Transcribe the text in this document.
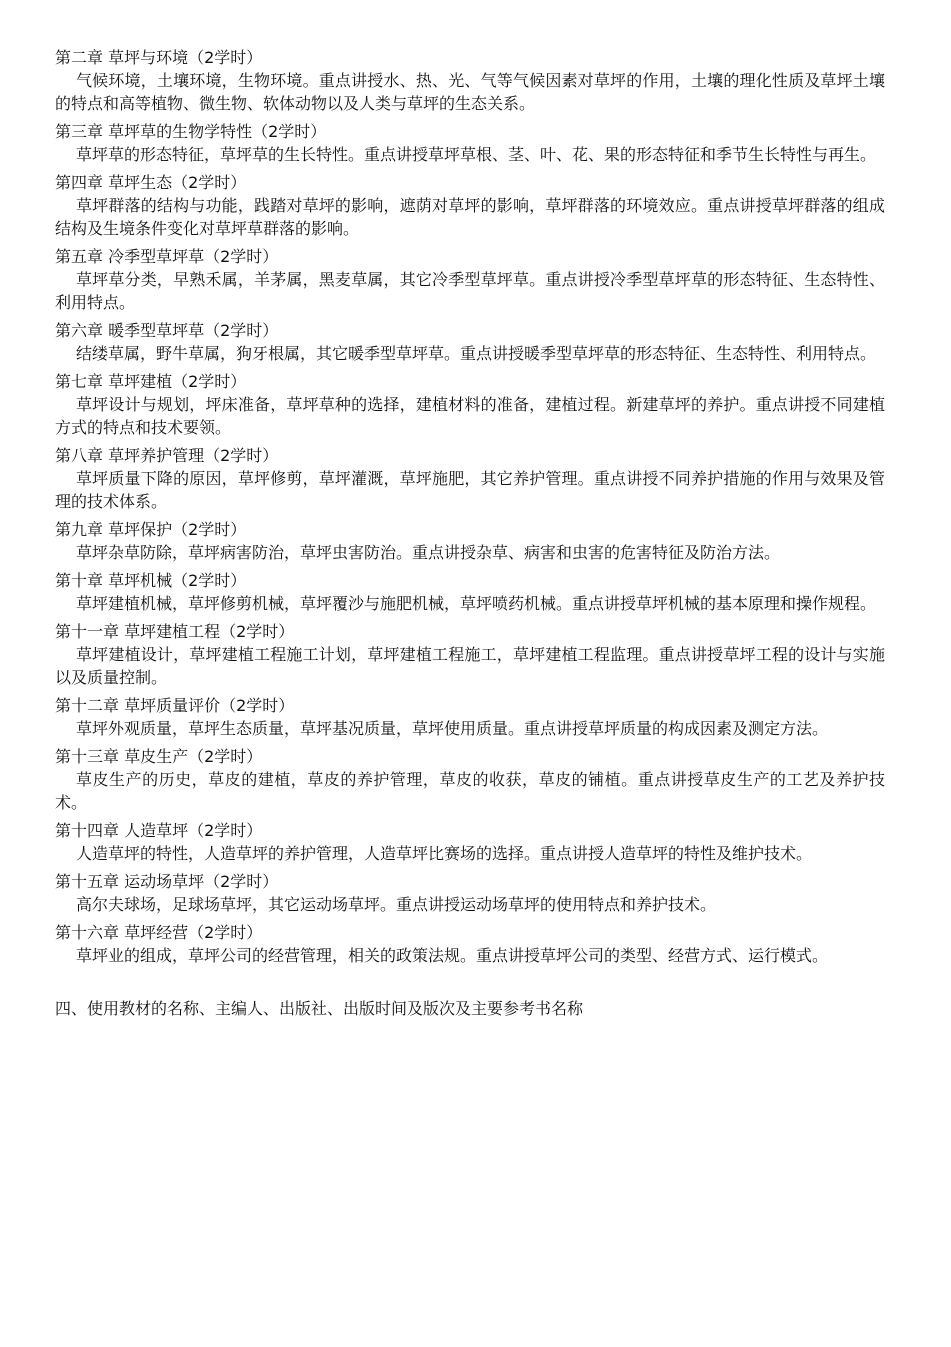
第二章 草坪与环境（2学时）
气候环境，土壤环境，生物环境。重点讲授水、热、光、气等气候因素对草坪的作用，土壤的理化性质及草坪土壤的特点和高等植物、微生物、软体动物以及人类与草坪的生态关系。
第三章 草坪草的生物学特性（2学时）
草坪草的形态特征，草坪草的生长特性。重点讲授草坪草根、茎、叶、花、果的形态特征和季节生长特性与再生。
第四章 草坪生态（2学时）
草坪群落的结构与功能，践踏对草坪的影响，遮荫对草坪的影响，草坪群落的环境效应。重点讲授草坪群落的组成结构及生境条件变化对草坪草群落的影响。
第五章 冷季型草坪草（2学时）
草坪草分类，早熟禾属，羊茅属，黑麦草属，其它冷季型草坪草。重点讲授冷季型草坪草的形态特征、生态特性、利用特点。
第六章 暖季型草坪草（2学时）
结缕草属，野牛草属，狗牙根属，其它暖季型草坪草。重点讲授暖季型草坪草的形态特征、生态特性、利用特点。
第七章 草坪建植（2学时）
草坪设计与规划，坪床准备，草坪草种的选择，建植材料的准备，建植过程。新建草坪的养护。重点讲授不同建植方式的特点和技术要领。
第八章 草坪养护管理（2学时）
草坪质量下降的原因，草坪修剪，草坪灌溉，草坪施肥，其它养护管理。重点讲授不同养护措施的作用与效果及管理的技术体系。
第九章 草坪保护（2学时）
草坪杂草防除，草坪病害防治，草坪虫害防治。重点讲授杂草、病害和虫害的危害特征及防治方法。
第十章 草坪机械（2学时）
草坪建植机械，草坪修剪机械，草坪覆沙与施肥机械，草坪喷药机械。重点讲授草坪机械的基本原理和操作规程。
第十一章 草坪建植工程（2学时）
草坪建植设计，草坪建植工程施工计划，草坪建植工程施工，草坪建植工程监理。重点讲授草坪工程的设计与实施以及质量控制。
第十二章 草坪质量评价（2学时）
草坪外观质量，草坪生态质量，草坪基况质量，草坪使用质量。重点讲授草坪质量的构成因素及测定方法。
第十三章 草皮生产（2学时）
草皮生产的历史，草皮的建植，草皮的养护管理，草皮的收获，草皮的铺植。重点讲授草皮生产的工艺及养护技术。
第十四章 人造草坪（2学时）
人造草坪的特性，人造草坪的养护管理，人造草坪比赛场的选择。重点讲授人造草坪的特性及维护技术。
第十五章 运动场草坪（2学时）
高尔夫球场，足球场草坪，其它运动场草坪。重点讲授运动场草坪的使用特点和养护技术。
第十六章 草坪经营（2学时）
草坪业的组成，草坪公司的经营管理，相关的政策法规。重点讲授草坪公司的类型、经营方式、运行模式。
四、使用教材的名称、主编人、出版社、出版时间及版次及主要参考书名称
